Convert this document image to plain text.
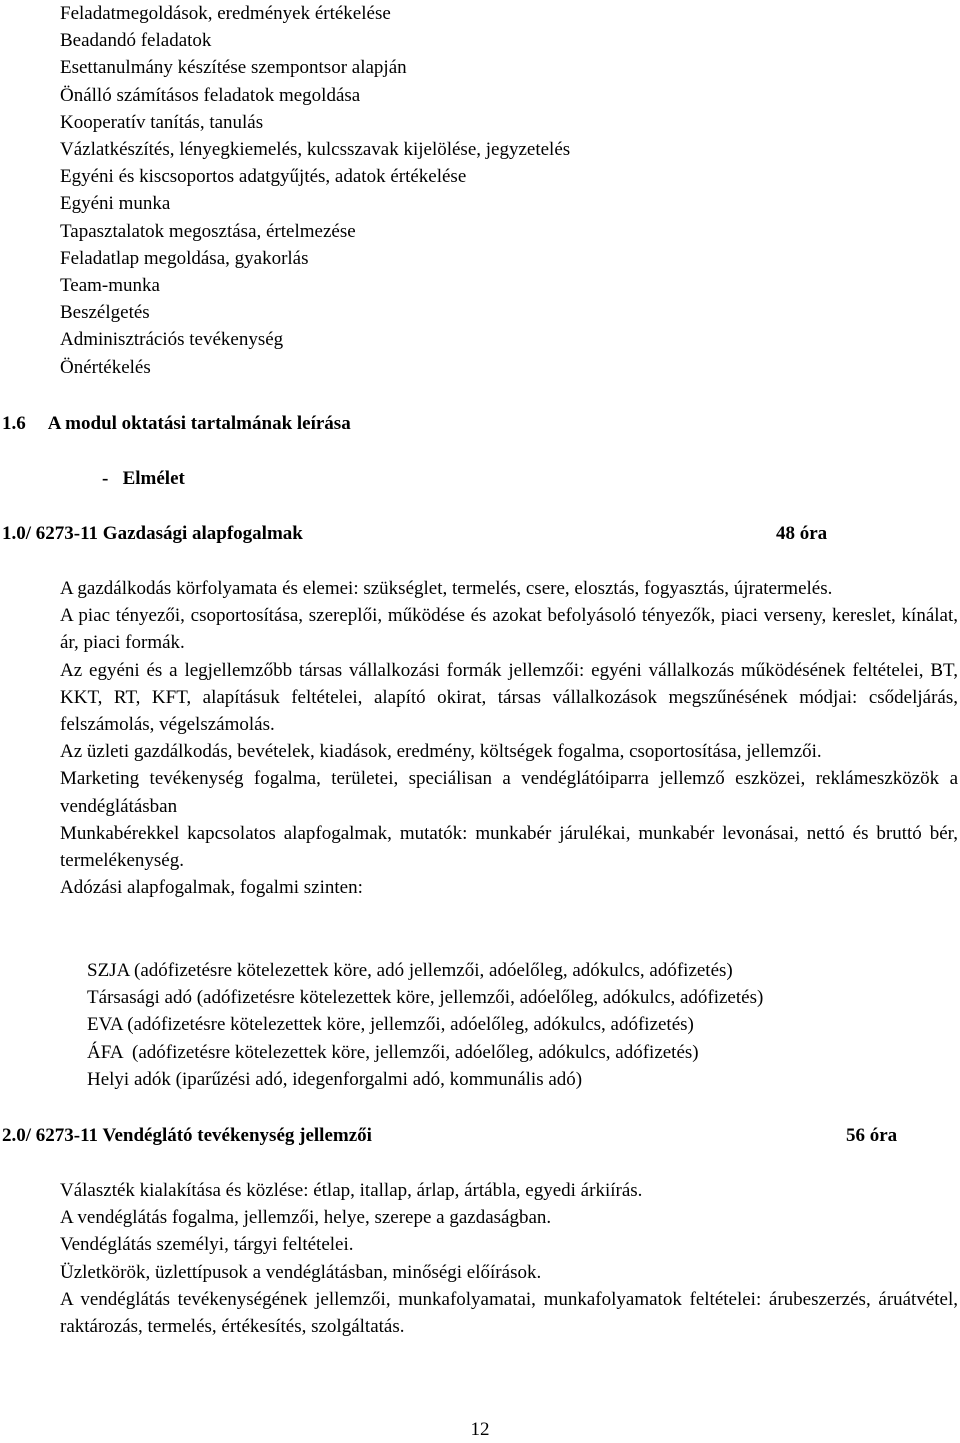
Feladatmegoldások, eredmények értékelése
Beadandó feladatok
Esettanulmány készítése szempontsor alapján
Önálló számításos feladatok megoldása
Kooperatív tanítás, tanulás
Vázlatkészítés, lényegkiemelés, kulcsszavak kijelölése, jegyzetelés
Egyéni és kiscsoportos adatgyűjtés, adatok értékelése
Egyéni munka
Tapasztalatok megosztása, értelmezése
Feladatlap megoldása, gyakorlás
Team-munka
Beszélgetés
Adminisztrációs tevékenység
Önértékelés
1.6 A modul oktatási tartalmának leírása
-   Elmélet
1.0/ 6273-11 Gazdasági alapfogalmak	48 óra

A gazdálkodás körfolyamata és elemei: szükséglet, termelés, csere, elosztás, fogyasztás, újratermelés.

A piac tényezői, csoportosítása, szereplői, működése és azokat befolyásoló tényezők, piaci verseny, kereslet, kínálat, ár, piaci formák.

Az egyéni és a legjellemzőbb társas vállalkozási formák jellemzői: egyéni vállalkozás működésének feltételei, BT, KKT, RT, KFT, alapításuk feltételei, alapító okirat, társas vállalkozások megszűnésének módjai: csődeljárás, felszámolás, végelszámolás.

Az üzleti gazdálkodás, bevételek, kiadások, eredmény, költségek fogalma, csoportosítása, jellemzői.

Marketing tevékenység fogalma, területei, speciálisan a vendéglátóiparra jellemző eszközei, reklámeszközök a vendéglátásban

Munkabérekkel kapcsolatos alapfogalmak, mutatók: munkabér járulékai, munkabér levonásai, nettó és bruttó bér, termelékenység.

Adózási alapfogalmak, fogalmi szinten:

SZJA (adófizetésre kötelezettek köre, adó jellemzői, adóelőleg, adókulcs, adófizetés)
Társasági adó (adófizetésre kötelezettek köre, jellemzői, adóelőleg, adókulcs, adófizetés)
EVA (adófizetésre kötelezettek köre, jellemzői, adóelőleg, adókulcs, adófizetés)
ÁFA  (adófizetésre kötelezettek köre, jellemzői, adóelőleg, adókulcs, adófizetés)
Helyi adók (iparűzési adó, idegenforgalmi adó, kommunális adó)
2.0/ 6273-11 Vendéglátó tevékenység jellemzői	56 óra

Választék kialakítása és közlése: étlap, itallap, árlap, ártábla, egyedi árkiírás.

A vendéglátás fogalma, jellemzői, helye, szerepe a gazdaságban.

Vendéglátás személyi, tárgyi feltételei.

Üzletkörök, üzlettípusok a vendéglátásban, minőségi előírások.

A vendéglátás tevékenységének jellemzői, munkafolyamatai, munkafolyamatok feltételei: árubeszerzés, áruátvétel, raktározás, termelés, értékesítés, szolgáltatás.

12
